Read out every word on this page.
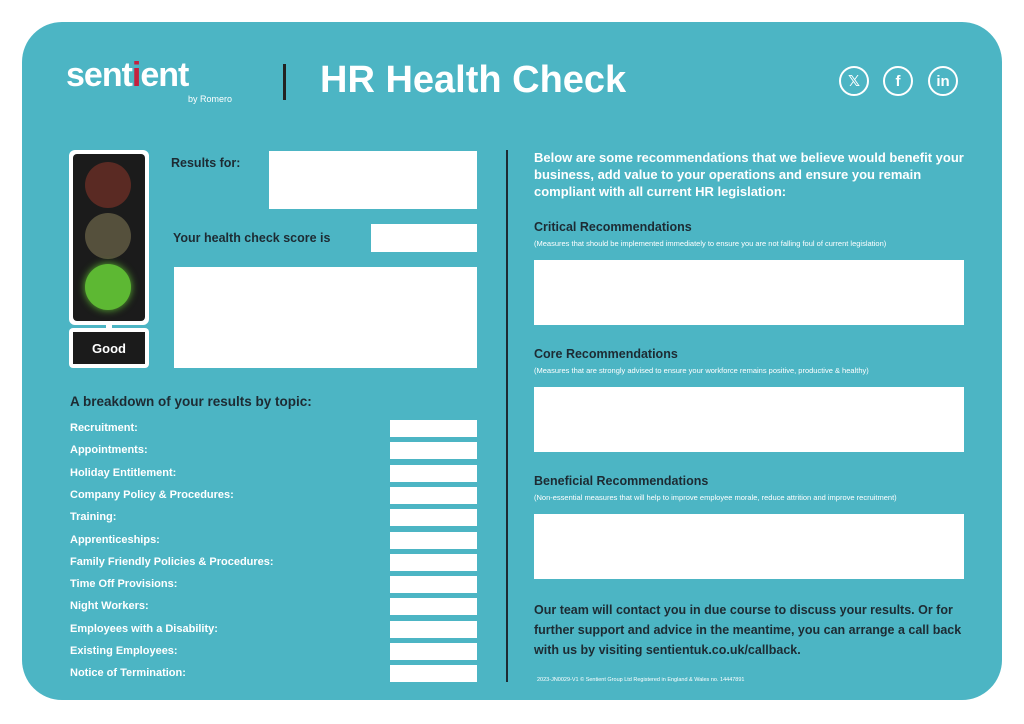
sentient
by Romero HR Health Check	𝕏	f	in
Good
Results for:
Your health check score is
A breakdown of your results by topic:
Recruitment:
Appointments:
Holiday Entitlement:
Company Policy & Procedures:
Training:
Apprenticeships:
Family Friendly Policies & Procedures:
Time Off Provisions:
Night Workers:
Employees with a Disability:
Existing Employees:
Notice of Termination:
Below are some recommendations that we believe would benefit your business, add value to your operations and ensure you remain compliant with all current HR legislation:
Critical Recommendations
(Measures that should be implemented immediately to ensure you are not falling foul of current legislation)
Core Recommendations
(Measures that are strongly advised to ensure your workforce remains positive, productive & healthy)
Beneficial Recommendations
(Non-essential measures that will help to improve employee morale, reduce attrition and improve recruitment)
Our team will contact you in due course to discuss your results. Or for further support and advice in the meantime, you can arrange a call back with us by visiting sentientuk.co.uk/callback.
2023-JN0029-V1 © Sentient Group Ltd Registered in England & Wales no. 14447891
